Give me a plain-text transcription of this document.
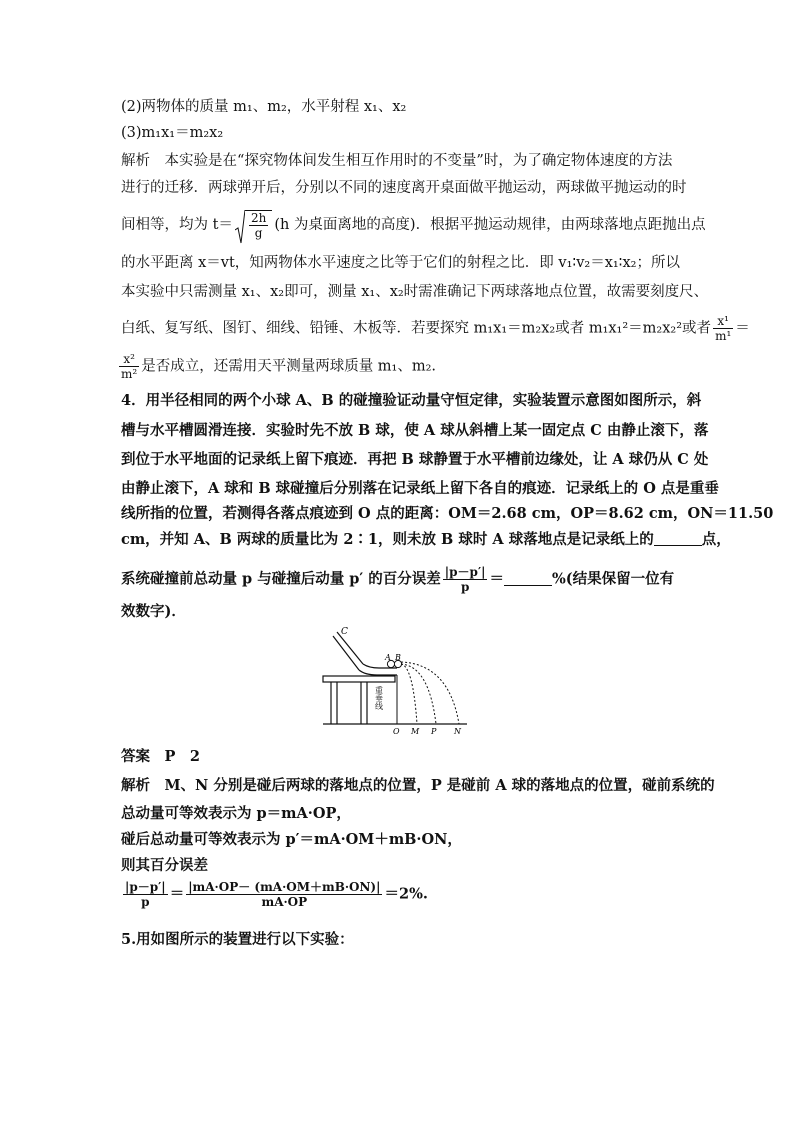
(2)两物体的质量 m₁、m₂，水平射程 x₁、x₂
(3)m₁x₁＝m₂x₂
解析　本实验是在“探究物体间发生相互作用时的不变量”时，为了确定物体速度的方法
进行的迁移．两球弹开后，分别以不同的速度离开桌面做平抛运动，两球做平抛运动的时
间相等，均为 $t= \frac{2h}{g} (h$ 为桌面离地的高度)．根据平抛运动规律，由两球落地点距抛出点
的水平距离 x＝vt，知两物体水平速度之比等于它们的射程之比．即 v₁∶v₂＝x₁∶x₂；所以
本实验中只需测量 x₁、x₂即可，测量 x₁、x₂时需准确记下两球落地点位置，故需要刻度尺、
白纸、复写纸、图钉、细线、铅锤、木板等．若要探究 m₁x₁＝m₂x₂或者 m₁x₁²＝m₂x₂²或者 $\frac{\text{x¹}}{\text{m¹}}$ ＝
$\frac{\text{x²}}{\text{m²}}$ 是否成立，还需用天平测量两球质量 m₁、m₂.
4．用半径相同的两个小球 A、B 的碰撞验证动量守恒定律，实验装置示意图如图所示，斜
槽与水平槽圆滑连接．实验时先不放 B 球，使 A 球从斜槽上某一固定点 C 由静止滚下，落
到位于水平地面的记录纸上留下痕迹．再把 B 球静置于水平槽前边缘处，让 A 球仍从 C 处
由静止滚下，A 球和 B 球碰撞后分别落在记录纸上留下各自的痕迹．记录纸上的 O 点是重垂
线所指的位置，若测得各落点痕迹到 O 点的距离：OM＝2.68 cm，OP＝8.62 cm，ON＝11.50
cm，并知 A、B 两球的质量比为 2∶1，则未放 B 球时 A 球落地点是记录纸上的	点，
系统碰撞前总动量 p 与碰撞后动量 p′ 的百分误差 $\frac{|p-p'|}{p}$ ＝	%(结果保留一位有
效数字)．
C
A B
重垂线
O M P N
答案　P　2
解析　M、N 分别是碰后两球的落地点的位置，P 是碰前 A 球的落地点的位置，碰前系统的
总动量可等效表示为 p＝mA·OP，
碰后总动量可等效表示为 p′＝mA·OM＋mB·ON，
则其百分误差
$\frac{|p-p'|}{p} = \frac{|mA\cdot OP- (mA\cdot OM+mB\cdot ON)|}{mA\cdot OP} =2\%$.
5.用如图所示的装置进行以下实验：
